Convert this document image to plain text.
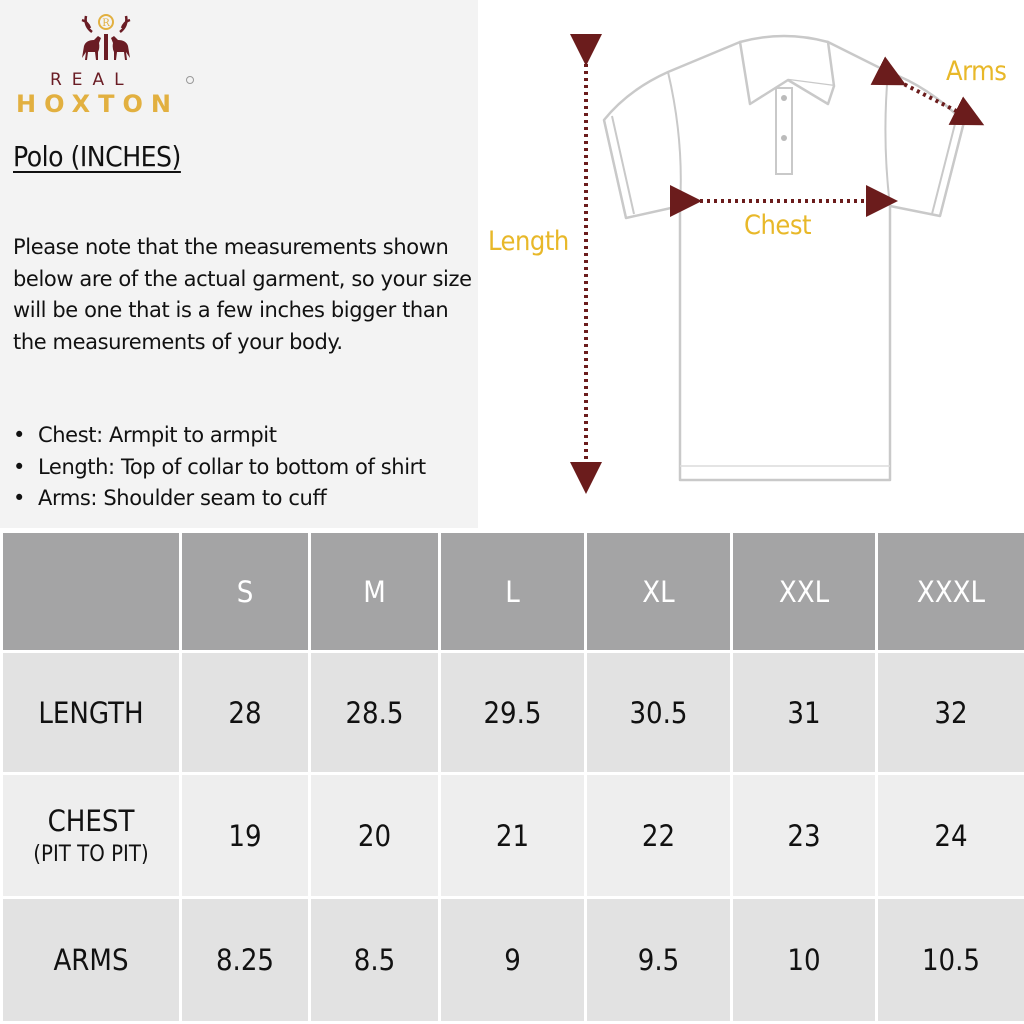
R
REAL
HOXTON
Polo (INCHES)
Please note that the measurements shown below are of the actual garment, so your size will be one that is a few inches bigger than the measurements of your body.
• Chest: Armpit to armpit
• Length: Top of collar to bottom of shirt
• Arms: Shoulder seam to cuff
Length
Chest
Arms
	S	M	L	XL	XXL	XXXL

LENGTH	28	28.5	29.5	30.5	31	32

CHEST
(PIT TO PIT)	19	20	21	22	23	24

ARMS	8.25	8.5	9	9.5	10	10.5
